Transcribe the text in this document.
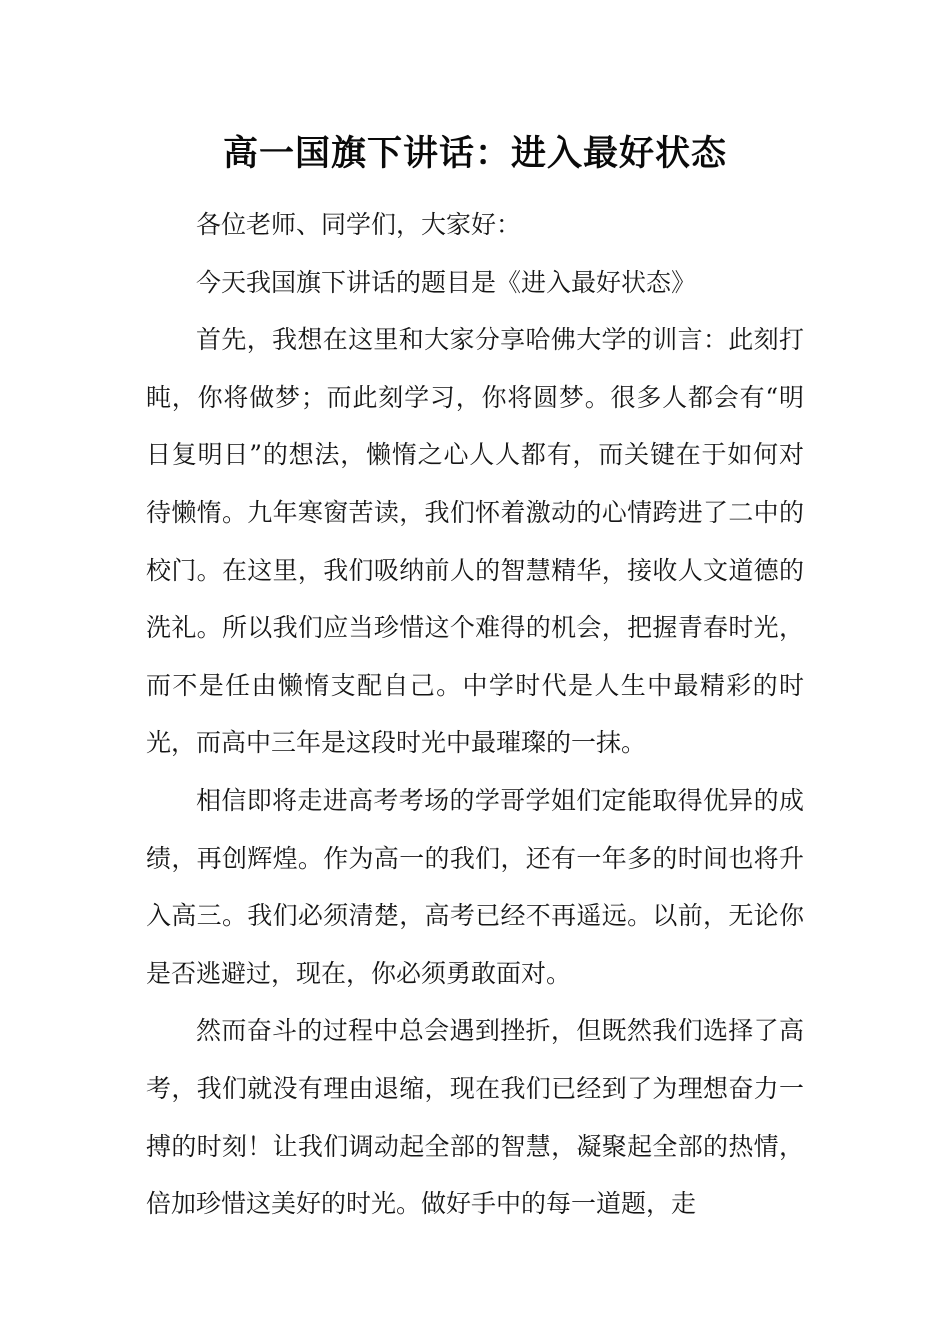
高一国旗下讲话：进入最好状态

各位老师、同学们，大家好：

今天我国旗下讲话的题目是《进入最好状态》

首先，我想在这里和大家分享哈佛大学的训言：此刻打盹，你将做梦；而此刻学习，你将圆梦。很多人都会有“明日复明日”的想法，懒惰之心人人都有，而关键在于如何对待懒惰。九年寒窗苦读，我们怀着激动的心情跨进了二中的校门。在这里，我们吸纳前人的智慧精华，接收人文道德的洗礼。所以我们应当珍惜这个难得的机会，把握青春时光，而不是任由懒惰支配自己。中学时代是人生中最精彩的时光，而高中三年是这段时光中最璀璨的一抹。

相信即将走进高考考场的学哥学姐们定能取得优异的成绩，再创辉煌。作为高一的我们，还有一年多的时间也将升入高三。我们必须清楚，高考已经不再遥远。以前，无论你是否逃避过，现在，你必须勇敢面对。

然而奋斗的过程中总会遇到挫折，但既然我们选择了高考，我们就没有理由退缩，现在我们已经到了为理想奋力一搏的时刻！让我们调动起全部的智慧，凝聚起全部的热情，倍加珍惜这美好的时光。做好手中的每一道题，走
